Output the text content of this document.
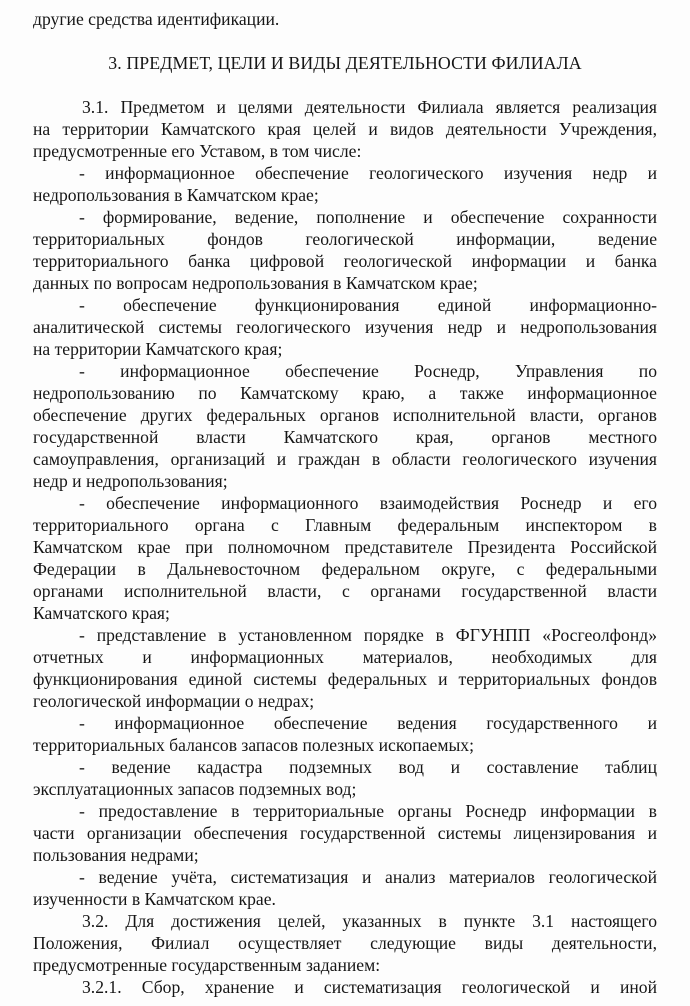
другие средства идентификации.
3. ПРЕДМЕТ, ЦЕЛИ И ВИДЫ ДЕЯТЕЛЬНОСТИ ФИЛИАЛА
3.1. Предметом и целями деятельности Филиала является реализация
на территории Камчатского края целей и видов деятельности Учреждения,
предусмотренные его Уставом, в том числе:
- информационное обеспечение геологического изучения недр и
недропользования в Камчатском крае;
- формирование, ведение, пополнение и обеспечение сохранности
территориальных фондов геологической информации, ведение
территориального банка цифровой геологической информации и банка
данных по вопросам недропользования в Камчатском крае;
- обеспечение функционирования единой информационно-
аналитической системы геологического изучения недр и недропользования
на территории Камчатского края;
- информационное обеспечение Роснедр, Управления по
недропользованию по Камчатскому краю, а также информационное
обеспечение других федеральных органов исполнительной власти, органов
государственной власти Камчатского края, органов местного
самоуправления, организаций и граждан в области геологического изучения
недр и недропользования;
- обеспечение информационного взаимодействия Роснедр и его
территориального органа с Главным федеральным инспектором в
Камчатском крае при полномочном представителе Президента Российской
Федерации в Дальневосточном федеральном округе, с федеральными
органами исполнительной власти, с органами государственной власти
Камчатского края;
- представление в установленном порядке в ФГУНПП «Росгеолфонд»
отчетных и информационных материалов, необходимых для
функционирования единой системы федеральных и территориальных фондов
геологической информации о недрах;
- информационное обеспечение ведения государственного и
территориальных балансов запасов полезных ископаемых;
- ведение кадастра подземных вод и составление таблиц
эксплуатационных запасов подземных вод;
- предоставление в территориальные органы Роснедр информации в
части организации обеспечения государственной системы лицензирования и
пользования недрами;
- ведение учёта, систематизация и анализ материалов геологической
изученности в Камчатском крае.
3.2. Для достижения целей, указанных в пункте 3.1 настоящего
Положения, Филиал осуществляет следующие виды деятельности,
предусмотренные государственным заданием:
3.2.1. Сбор, хранение и систематизация геологической и иной
